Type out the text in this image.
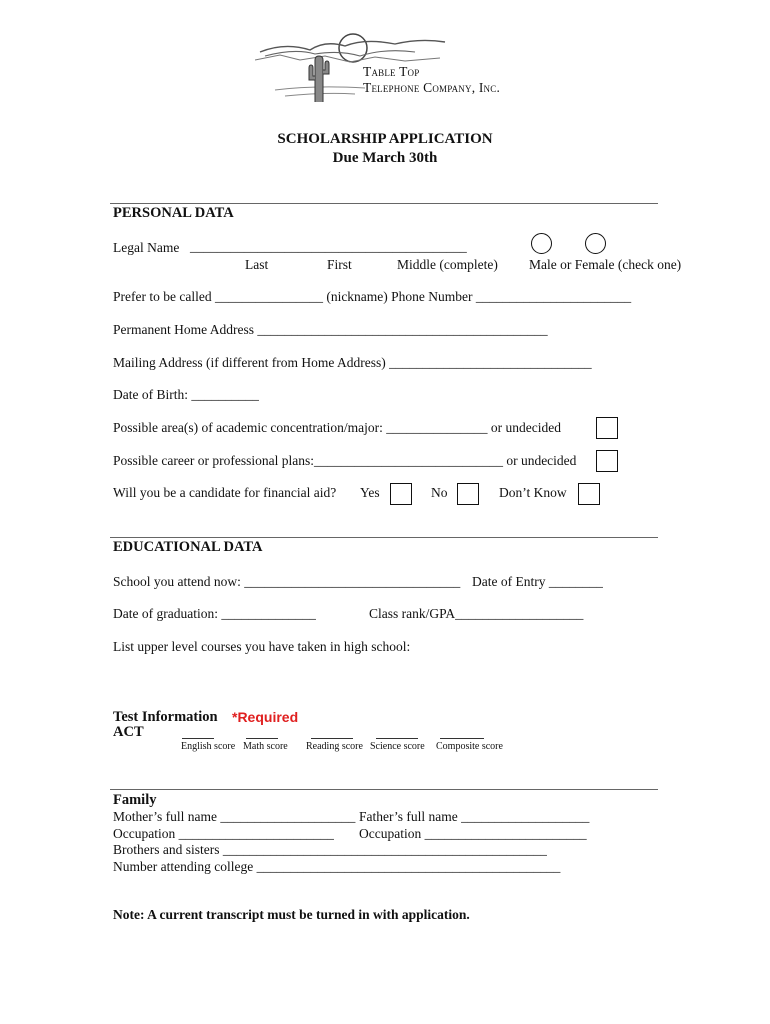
Table Top
Telephone Company, Inc.
SCHOLARSHIP APPLICATION
Due March 30th
PERSONAL DATA
Legal Name _________________________________________
Last	First	Middle (complete) Male or Female (check one)
Prefer to be called ________________ (nickname) Phone Number _______________________
Permanent Home Address ___________________________________________
Mailing Address (if different from Home Address) ______________________________
Date of Birth: __________
Possible area(s) of academic concentration/major: _______________ or undecided
Possible career or professional plans:____________________________ or undecided
Will you be a candidate for financial aid? Yes	No	Don’t Know
EDUCATIONAL DATA
School you attend now: ________________________________ Date of Entry ________
Date of graduation: ______________	Class rank/GPA___________________
List upper level courses you have taken in high school:
Test Information *Required
ACT
English score Math score Reading score Science score Composite score
Family
Mother’s full name ____________________ Father’s full name ___________________
Occupation _______________________ Occupation ________________________
Brothers and sisters ________________________________________________
Number attending college _____________________________________________
Note: A current transcript must be turned in with application.
